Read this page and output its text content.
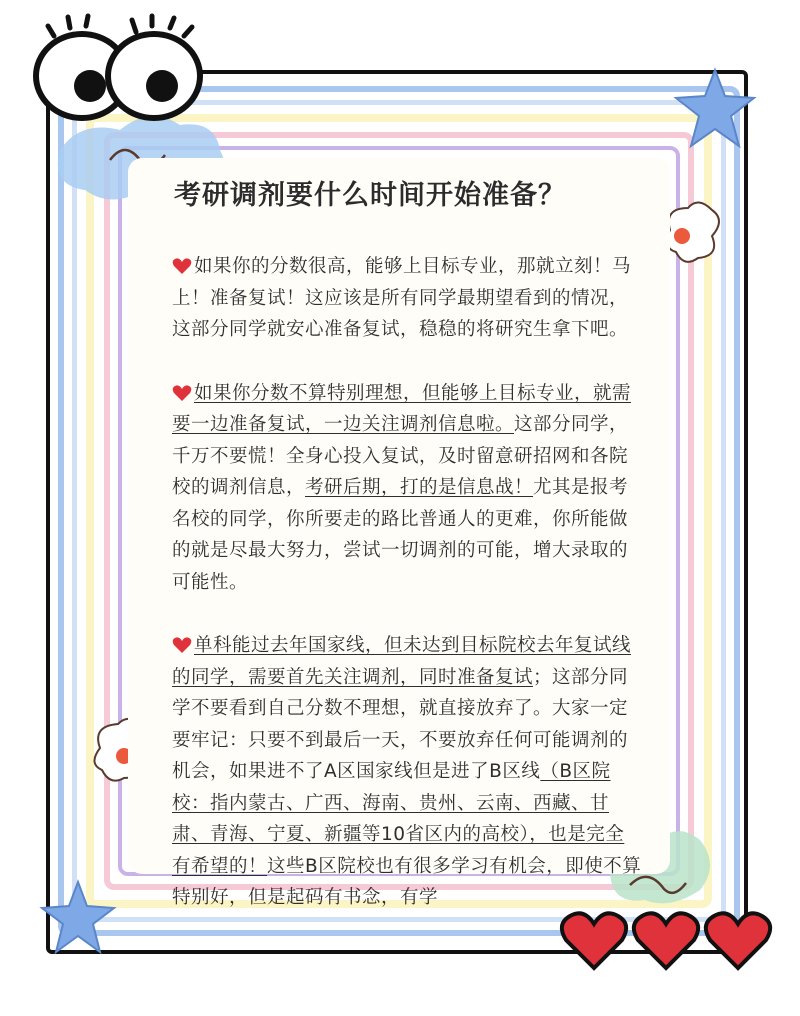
考研调剂要什么时间开始准备？

如果你的分数很高，能够上目标专业，那就立刻！马上！准备复试！这应该是所有同学最期望看到的情况，这部分同学就安心准备复试，稳稳的将研究生拿下吧。

如果你分数不算特别理想，但能够上目标专业，就需要一边准备复试，一边关注调剂信息啦。这部分同学，千万不要慌！全身心投入复试，及时留意研招网和各院校的调剂信息，考研后期，打的是信息战！尤其是报考名校的同学，你所要走的路比普通人的更难，你所能做的就是尽最大努力，尝试一切调剂的可能，增大录取的可能性。

单科能过去年国家线，但未达到目标院校去年复试线的同学，需要首先关注调剂，同时准备复试；这部分同学不要看到自己分数不理想，就直接放弃了。大家一定要牢记：只要不到最后一天，不要放弃任何可能调剂的机会，如果进不了A区国家线但是进了B区线（B区院校：指内蒙古、广西、海南、贵州、云南、西藏、甘肃、青海、宁夏、新疆等10省区内的高校），也是完全有希望的！这些B区院校也有很多学习有机会，即使不算特别好，但是起码有书念，有学
